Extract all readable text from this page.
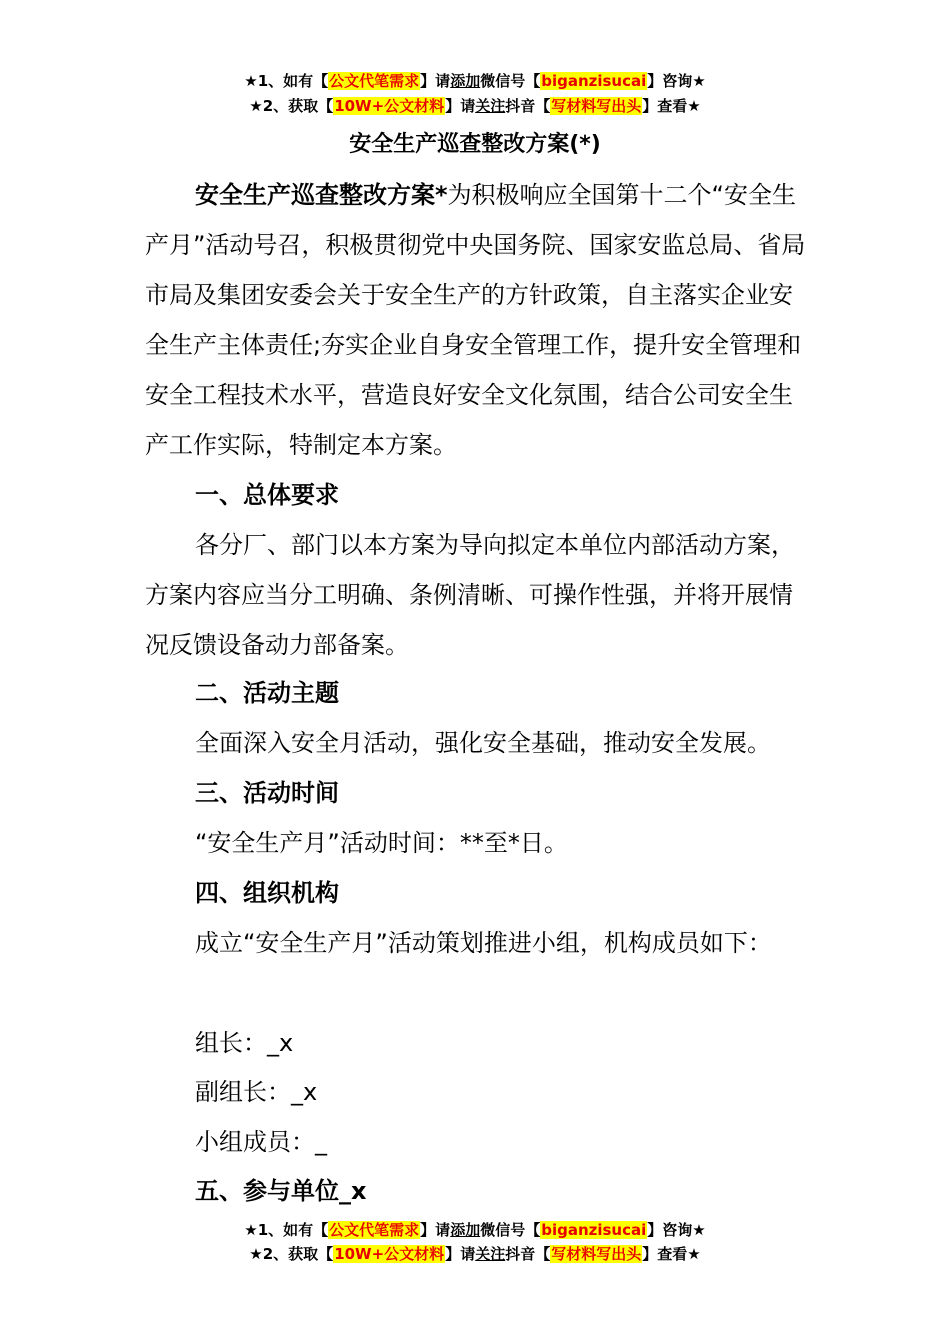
★1、如有【公文代笔需求】请添加微信号【biganzisucai】咨询★
★2、获取【10W+公文材料】请关注抖音【写材料写出头】查看★
安全生产巡查整改方案(*)

安全生产巡查整改方案*为积极响应全国第十二个“安全生产月”活动号召，积极贯彻党中央国务院、国家安监总局、省局市局及集团安委会关于安全生产的方针政策，自主落实企业安全生产主体责任;夯实企业自身安全管理工作，提升安全管理和安全工程技术水平，营造良好安全文化氛围，结合公司安全生产工作实际，特制定本方案。

一、总体要求

各分厂、部门以本方案为导向拟定本单位内部活动方案，方案内容应当分工明确、条例清晰、可操作性强，并将开展情况反馈设备动力部备案。

二、活动主题
全面深入安全月活动，强化安全基础，推动安全发展。
三、活动时间
“安全生产月”活动时间：**至*日。
四、组织机构

成立“安全生产月”活动策划推进小组，机构成员如下：

组长：_x
副组长：_x
小组成员：_
五、参与单位_x
★1、如有【公文代笔需求】请添加微信号【biganzisucai】咨询★
★2、获取【10W+公文材料】请关注抖音【写材料写出头】查看★
